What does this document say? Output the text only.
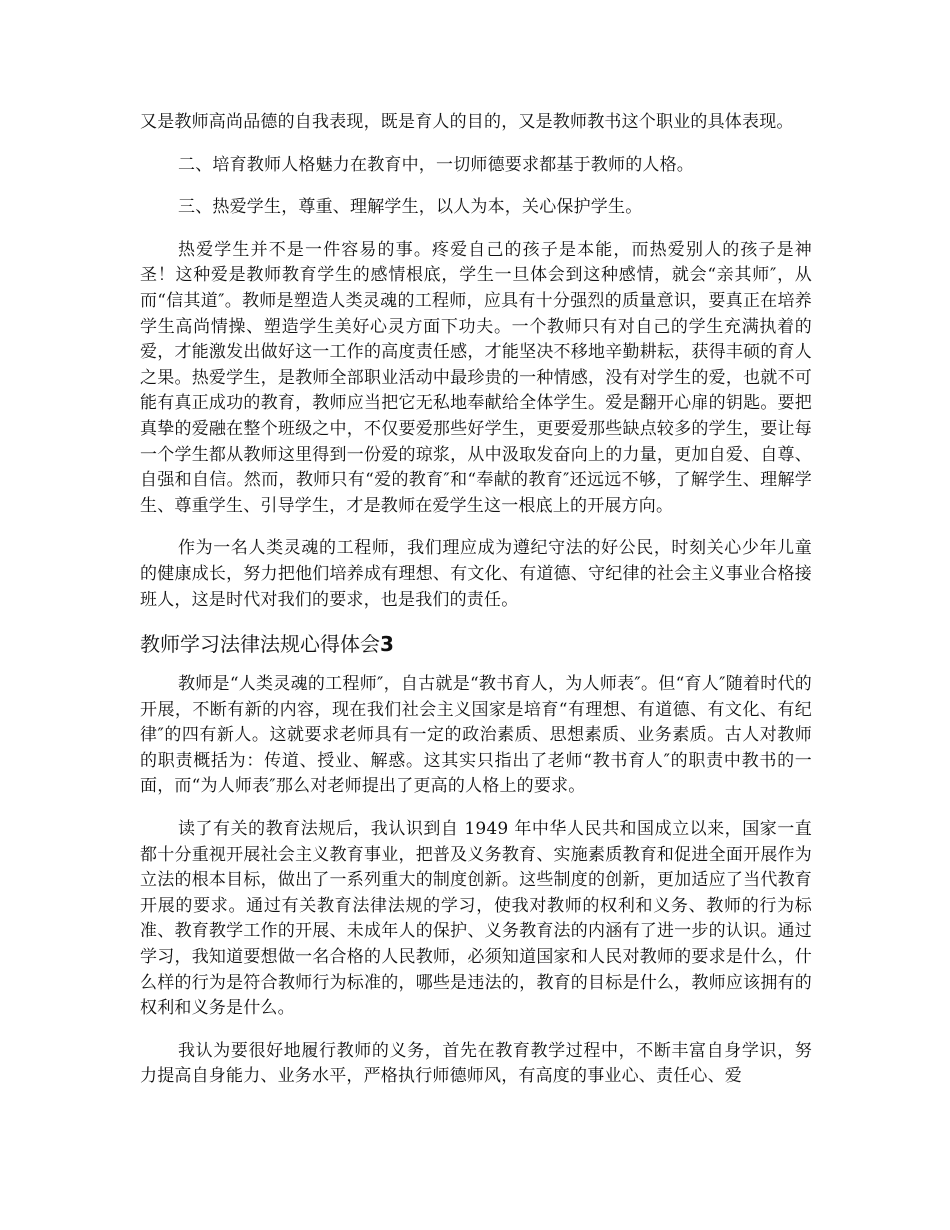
又是教师高尚品德的自我表现，既是育人的目的，又是教师教书这个职业的具体表现。

二、培育教师人格魅力在教育中，一切师德要求都基于教师的人格。

三、热爱学生，尊重、理解学生，以人为本，关心保护学生。

热爱学生并不是一件容易的事。疼爱自己的孩子是本能，而热爱别人的孩子是神圣！这种爱是教师教育学生的感情根底，学生一旦体会到这种感情，就会“亲其师″，从而“信其道″。教师是塑造人类灵魂的工程师，应具有十分强烈的质量意识，要真正在培养学生高尚情操、塑造学生美好心灵方面下功夫。一个教师只有对自己的学生充满执着的爱，才能激发出做好这一工作的高度责任感，才能坚决不移地辛勤耕耘，获得丰硕的育人之果。热爱学生，是教师全部职业活动中最珍贵的一种情感，没有对学生的爱，也就不可能有真正成功的教育，教师应当把它无私地奉献给全体学生。爱是翻开心扉的钥匙。要把真挚的爱融在整个班级之中，不仅要爱那些好学生，更要爱那些缺点较多的学生，要让每一个学生都从教师这里得到一份爱的琼浆，从中汲取发奋向上的力量，更加自爱、自尊、自强和自信。然而，教师只有“爱的教育″和“奉献的教育″还远远不够，了解学生、理解学生、尊重学生、引导学生，才是教师在爱学生这一根底上的开展方向。

作为一名人类灵魂的工程师，我们理应成为遵纪守法的好公民，时刻关心少年儿童的健康成长，努力把他们培养成有理想、有文化、有道德、守纪律的社会主义事业合格接班人，这是时代对我们的要求，也是我们的责任。

教师学习法律法规心得体会3

教师是“人类灵魂的工程师″，自古就是“教书育人，为人师表″。但“育人″随着时代的开展，不断有新的内容，现在我们社会主义国家是培育“有理想、有道德、有文化、有纪律″的四有新人。这就要求老师具有一定的政治素质、思想素质、业务素质。古人对教师的职责概括为：传道、授业、解惑。这其实只指出了老师“教书育人″的职责中教书的一面，而“为人师表″那么对老师提出了更高的人格上的要求。

读了有关的教育法规后，我认识到自 1949 年中华人民共和国成立以来，国家一直都十分重视开展社会主义教育事业，把普及义务教育、实施素质教育和促进全面开展作为立法的根本目标，做出了一系列重大的制度创新。这些制度的创新，更加适应了当代教育开展的要求。通过有关教育法律法规的学习，使我对教师的权利和义务、教师的行为标准、教育教学工作的开展、未成年人的保护、义务教育法的内涵有了进一步的认识。通过学习，我知道要想做一名合格的人民教师，必须知道国家和人民对教师的要求是什么，什么样的行为是符合教师行为标准的，哪些是违法的，教育的目标是什么，教师应该拥有的权利和义务是什么。

我认为要很好地履行教师的义务，首先在教育教学过程中，不断丰富自身学识，努力提高自身能力、业务水平，严格执行师德师风，有高度的事业心、责任心、爱
